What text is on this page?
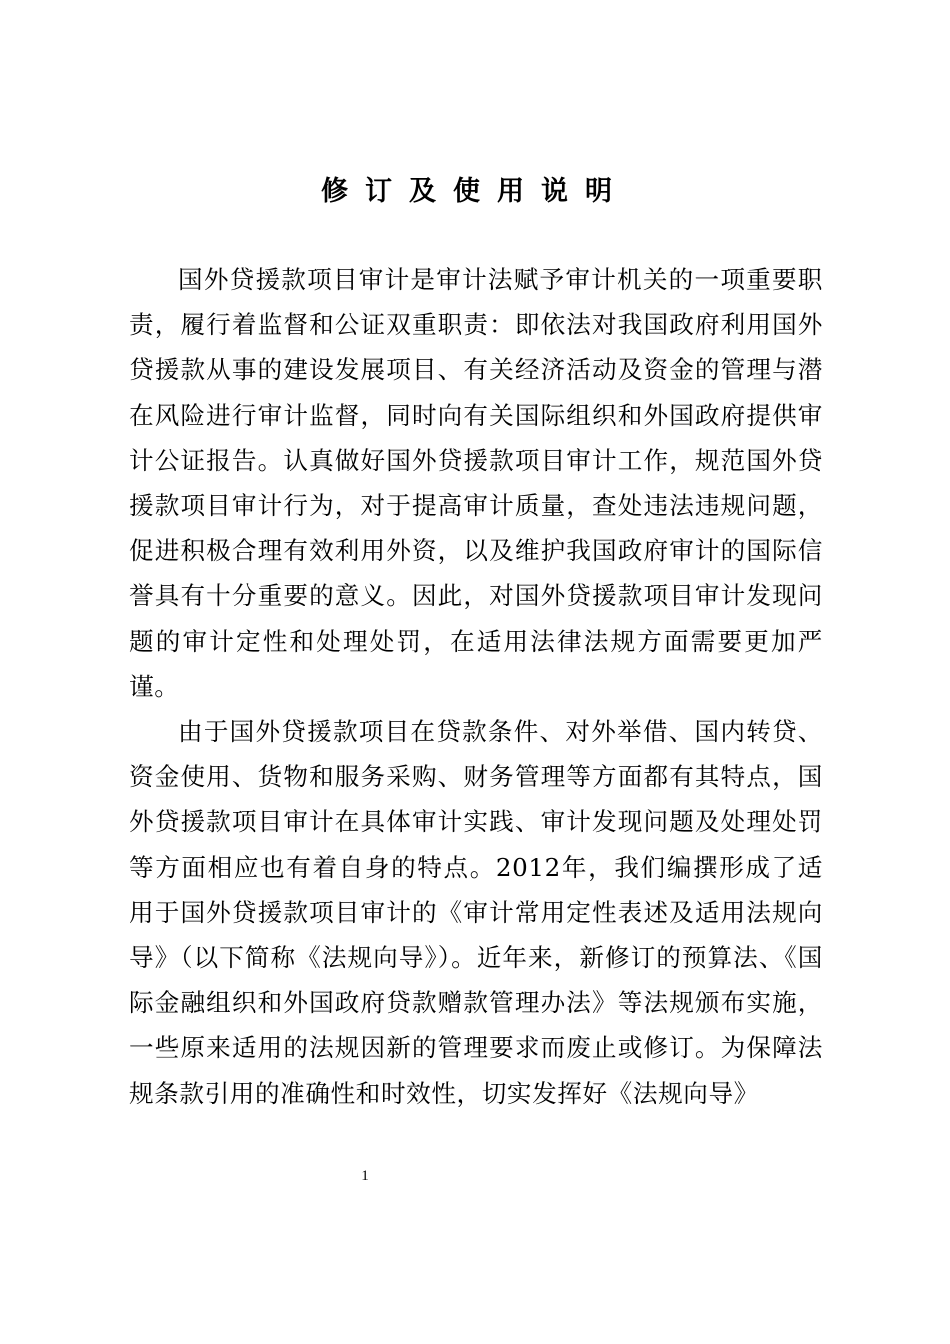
修订及使用说明

国外贷援款项目审计是审计法赋予审计机关的一项重要职责，履行着监督和公证双重职责：即依法对我国政府利用国外贷援款从事的建设发展项目、有关经济活动及资金的管理与潜在风险进行审计监督，同时向有关国际组织和外国政府提供审计公证报告。认真做好国外贷援款项目审计工作，规范国外贷援款项目审计行为，对于提高审计质量，查处违法违规问题，促进积极合理有效利用外资，以及维护我国政府审计的国际信誉具有十分重要的意义。因此，对国外贷援款项目审计发现问题的审计定性和处理处罚，在适用法律法规方面需要更加严谨。

由于国外贷援款项目在贷款条件、对外举借、国内转贷、资金使用、货物和服务采购、财务管理等方面都有其特点，国外贷援款项目审计在具体审计实践、审计发现问题及处理处罚等方面相应也有着自身的特点。2012年，我们编撰形成了适用于国外贷援款项目审计的《审计常用定性表述及适用法规向导》（以下简称《法规向导》）。近年来，新修订的预算法、《国际金融组织和外国政府贷款赠款管理办法》等法规颁布实施，一些原来适用的法规因新的管理要求而废止或修订。为保障法规条款引用的准确性和时效性，切实发挥好《法规向导》

1
